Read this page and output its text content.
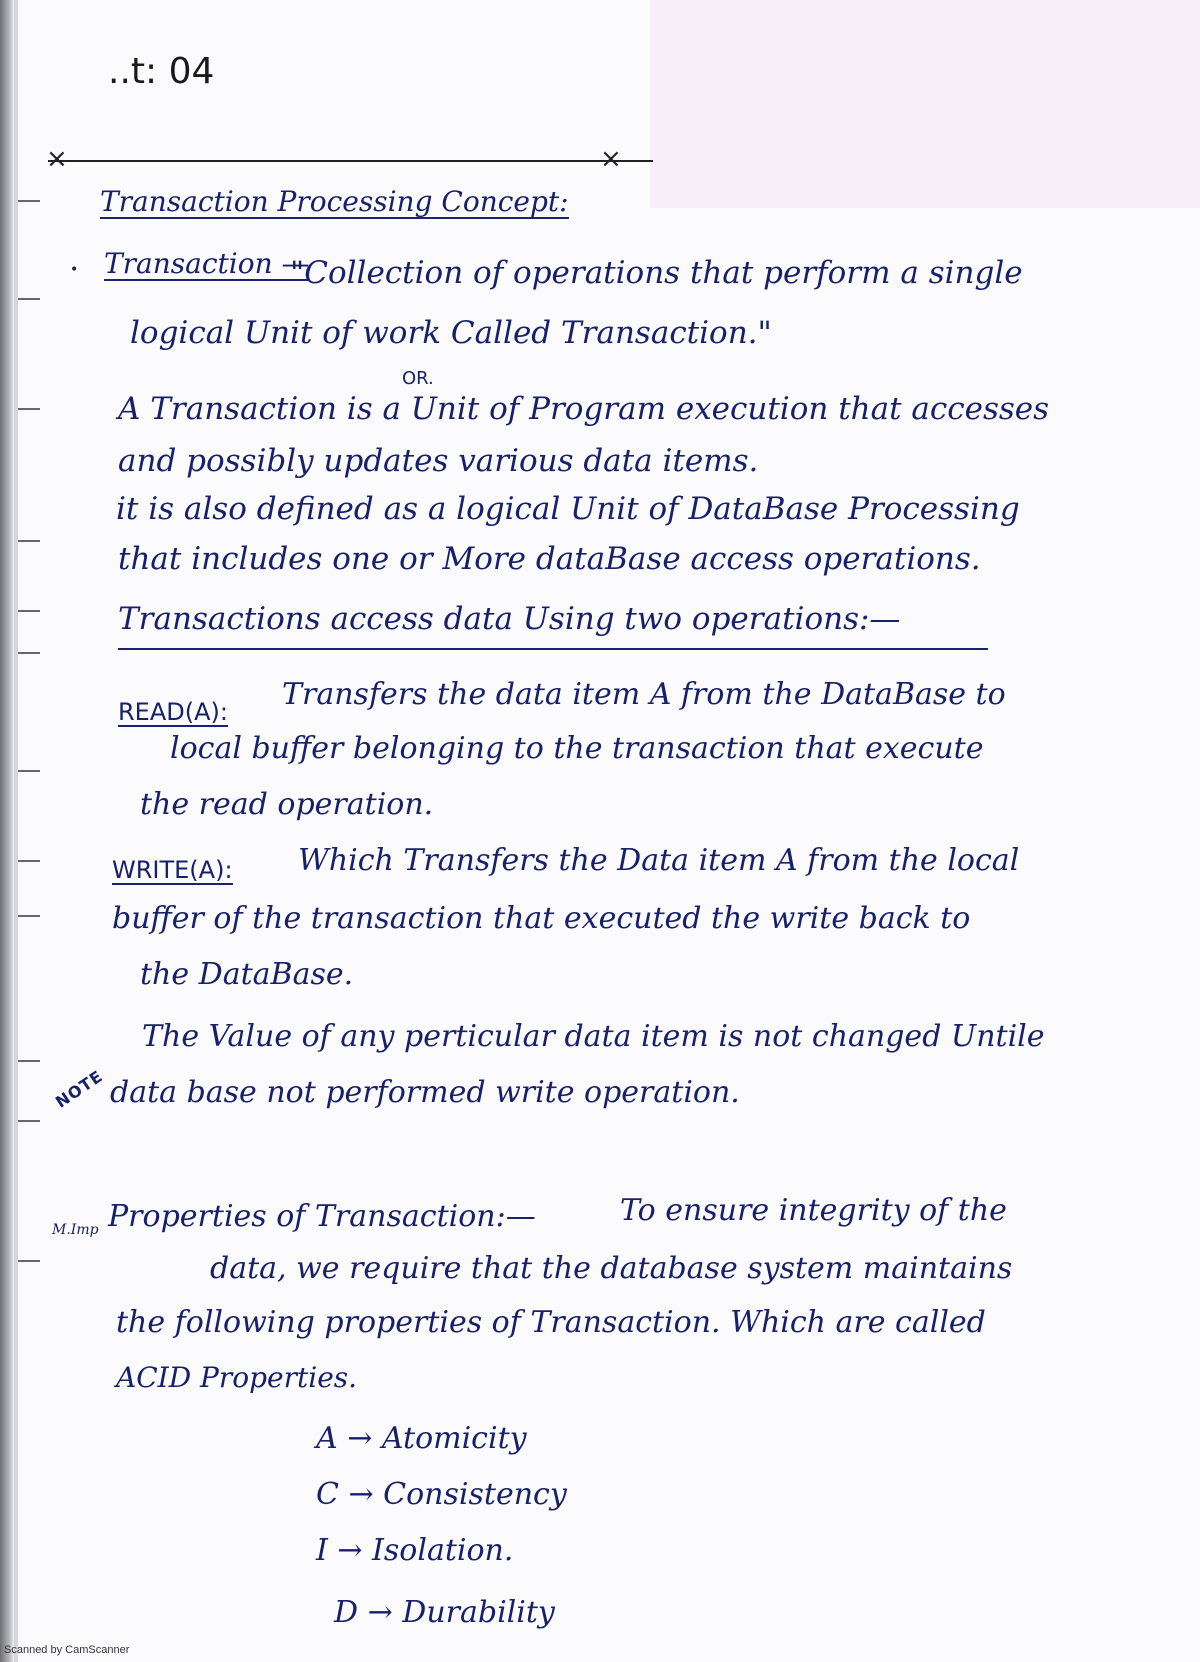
..t: 04
×	×
Transaction Processing Concept:
• Transaction —
"Collection of operations that perform a single
logical Unit of work Called Transaction."
OR.
A Transaction is a Unit of Program execution that accesses
and possibly updates various data items.
it is also defined as a logical Unit of DataBase Processing
that includes one or More dataBase access operations.
Transactions access data Using two operations:—
READ(A): Transfers the data item A from the DataBase to
local buffer belonging to the transaction that execute
the read operation.
WRITE(A): Which Transfers the Data item A from the local
buffer of the transaction that executed the write back to
the DataBase.
NOTE
The Value of any perticular data item is not changed Untile
data base not performed write operation.
M.Imp Properties of Transaction:—	To ensure integrity of the
data, we require that the database system maintains
the following properties of Transaction. Which are called
ACID Properties.
A → Atomicity
C → Consistency
I → Isolation.
D → Durability
Scanned by CamScanner
